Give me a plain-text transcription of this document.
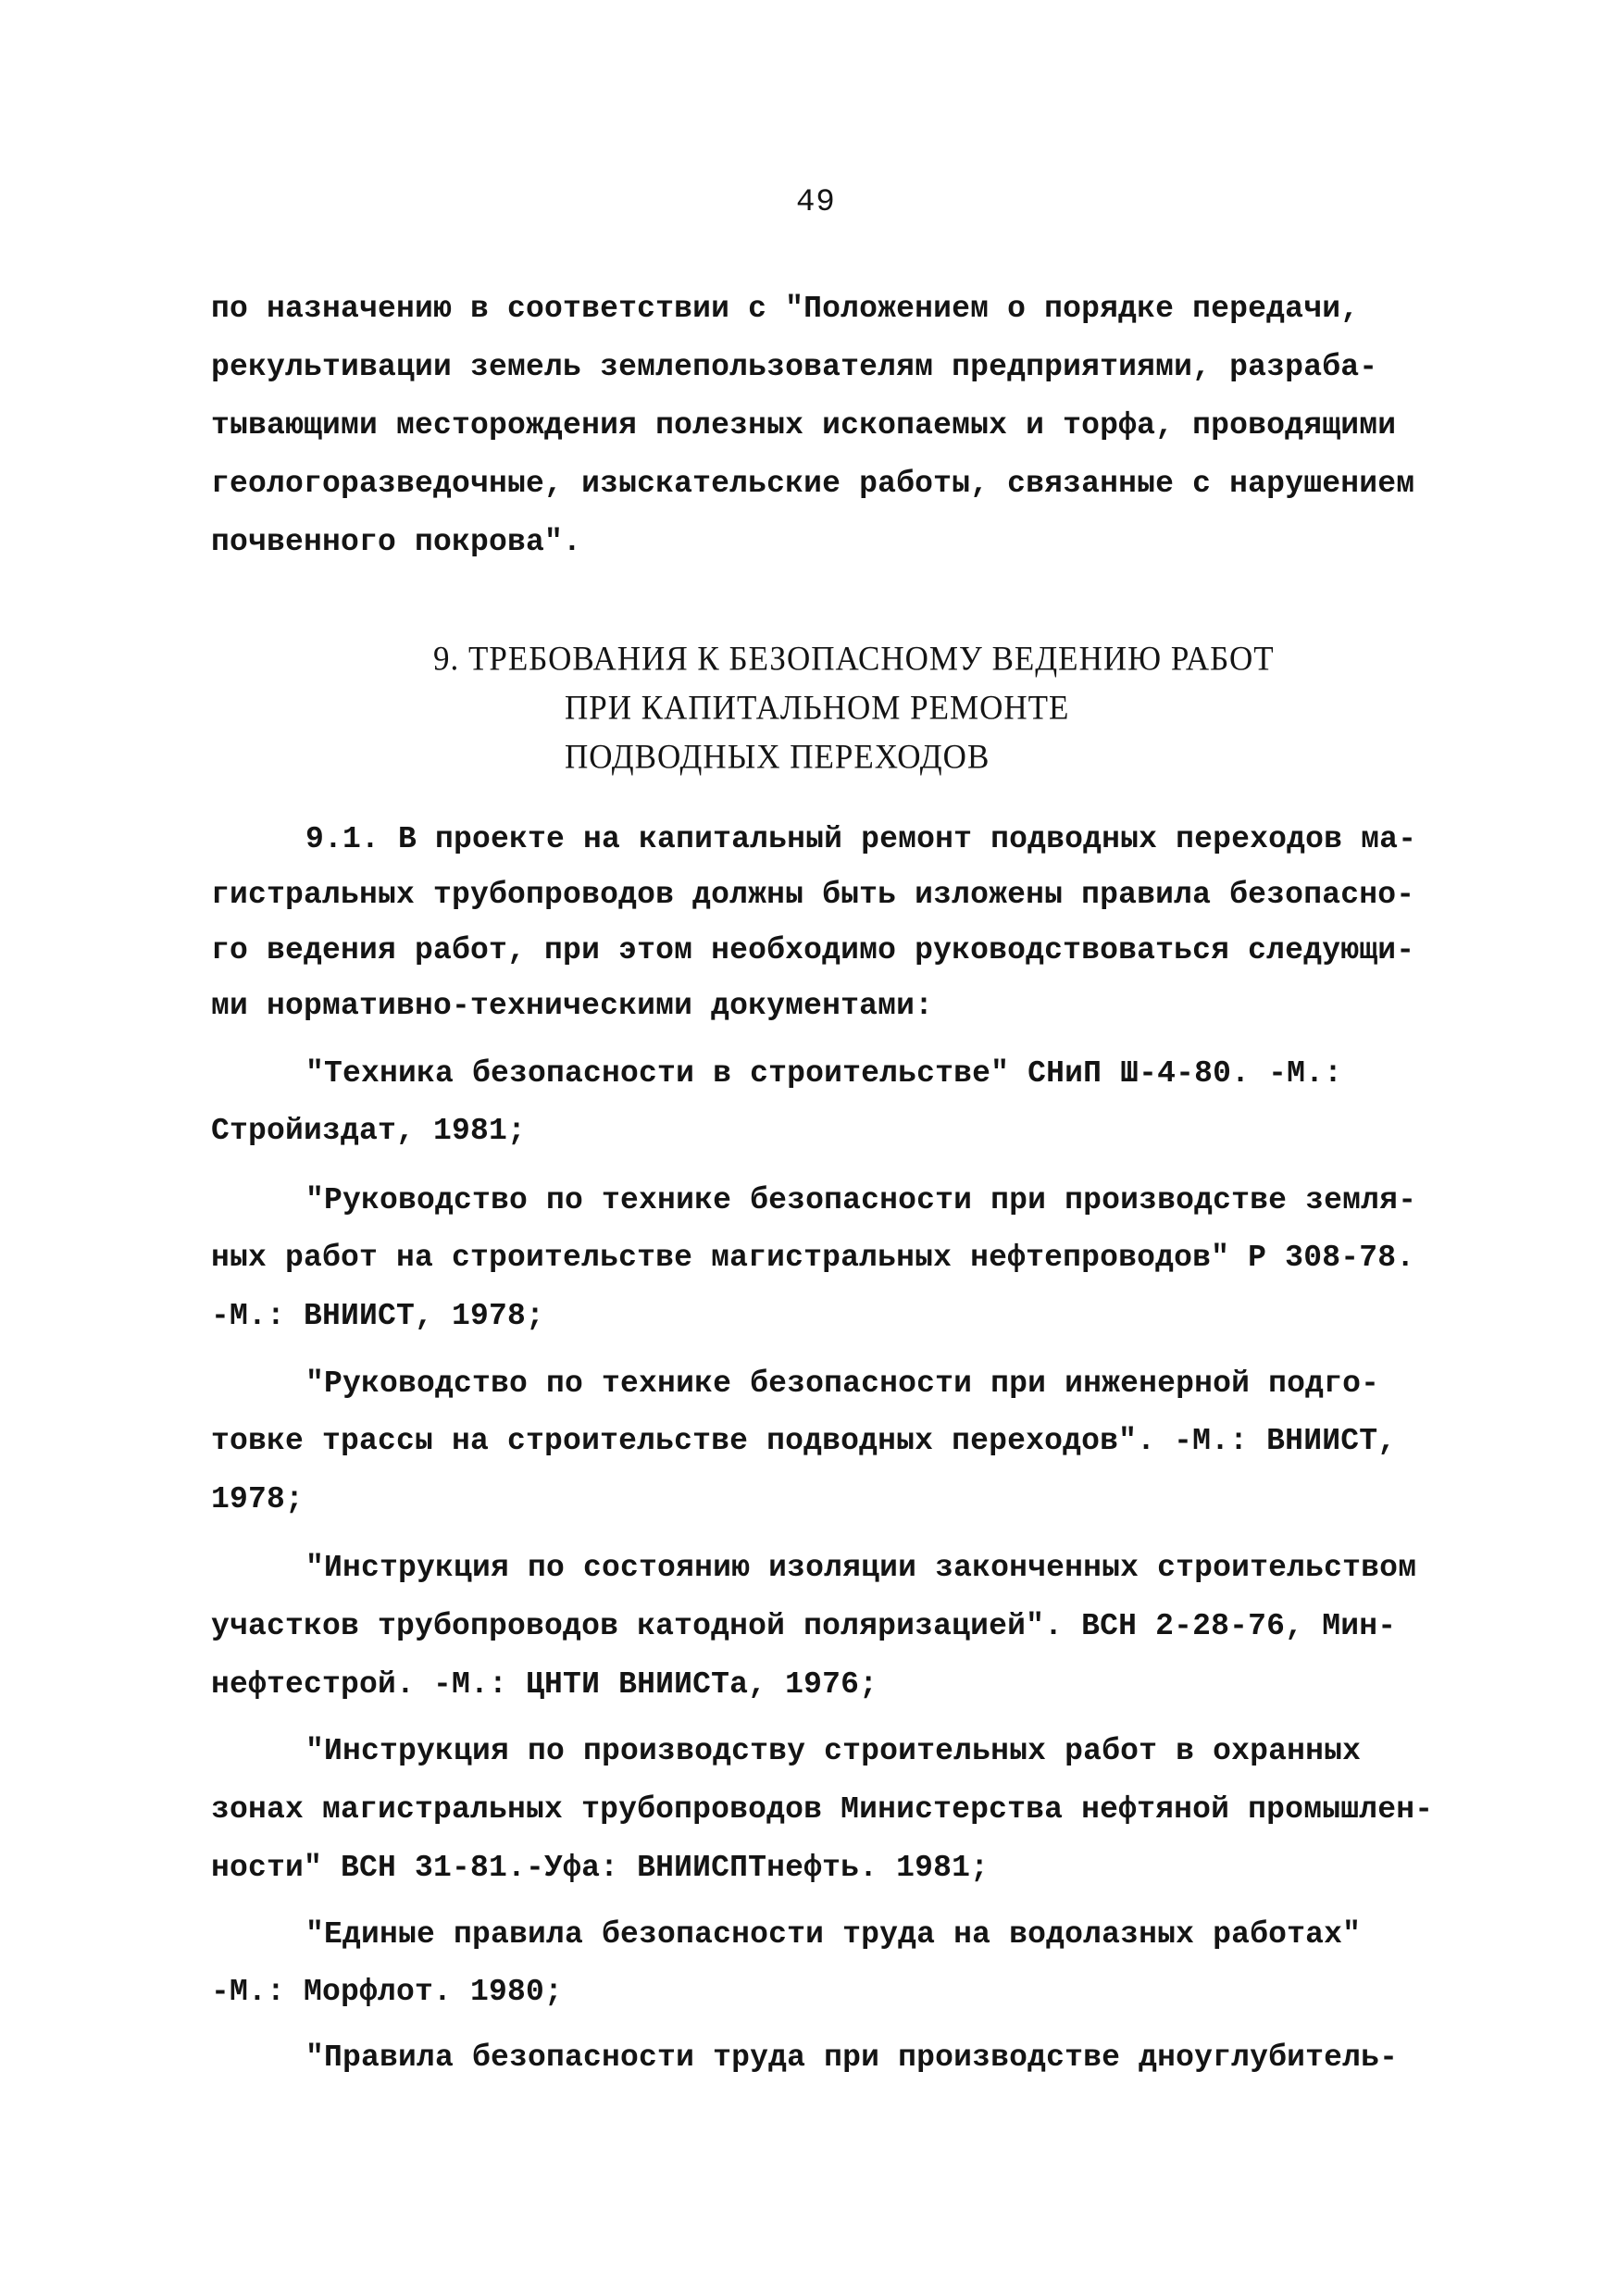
49
по назначению в соответствии с "Положением о порядке передачи,
рекультивации земель землепользователям предприятиями, разраба-
тывающими месторождения полезных ископаемых и торфа, проводящими
геологоразведочные, изыскательские работы, связанные с нарушением
почвенного покрова".
9. ТРЕБОВАНИЯ К БЕЗОПАСНОМУ ВЕДЕНИЮ РАБОТ
ПРИ КАПИТАЛЬНОМ РЕМОНТЕ
ПОДВОДНЫХ ПЕРЕХОДОВ
9.1. В проекте на капитальный ремонт подводных переходов ма-
гистральных трубопроводов должны быть изложены правила безопасно-
го ведения работ, при этом необходимо руководствоваться следующи-
ми нормативно-техническими документами:
"Техника безопасности в строительстве" СНиП Ш-4-80. -М.:
Стройиздат, 1981;
"Руководство по технике безопасности при производстве земля-
ных работ на строительстве магистральных нефтепроводов" Р 308-78.
-М.: ВНИИСТ, 1978;
"Руководство по технике безопасности при инженерной подго-
товке трассы на строительстве подводных переходов". -М.: ВНИИСТ,
1978;
"Инструкция по состоянию изоляции законченных строительством
участков трубопроводов катодной поляризацией". ВСН 2-28-76, Мин-
нефтестрой. -М.: ЦНТИ ВНИИСТа, 1976;
"Инструкция по производству строительных работ в охранных
зонах магистральных трубопроводов Министерства нефтяной промышлен-
ности" ВСН 31-81.-Уфа: ВНИИСПТнефть. 1981;
"Единые правила безопасности труда на водолазных работах"
-М.: Морфлот. 1980;
"Правила безопасности труда при производстве дноуглубитель-
